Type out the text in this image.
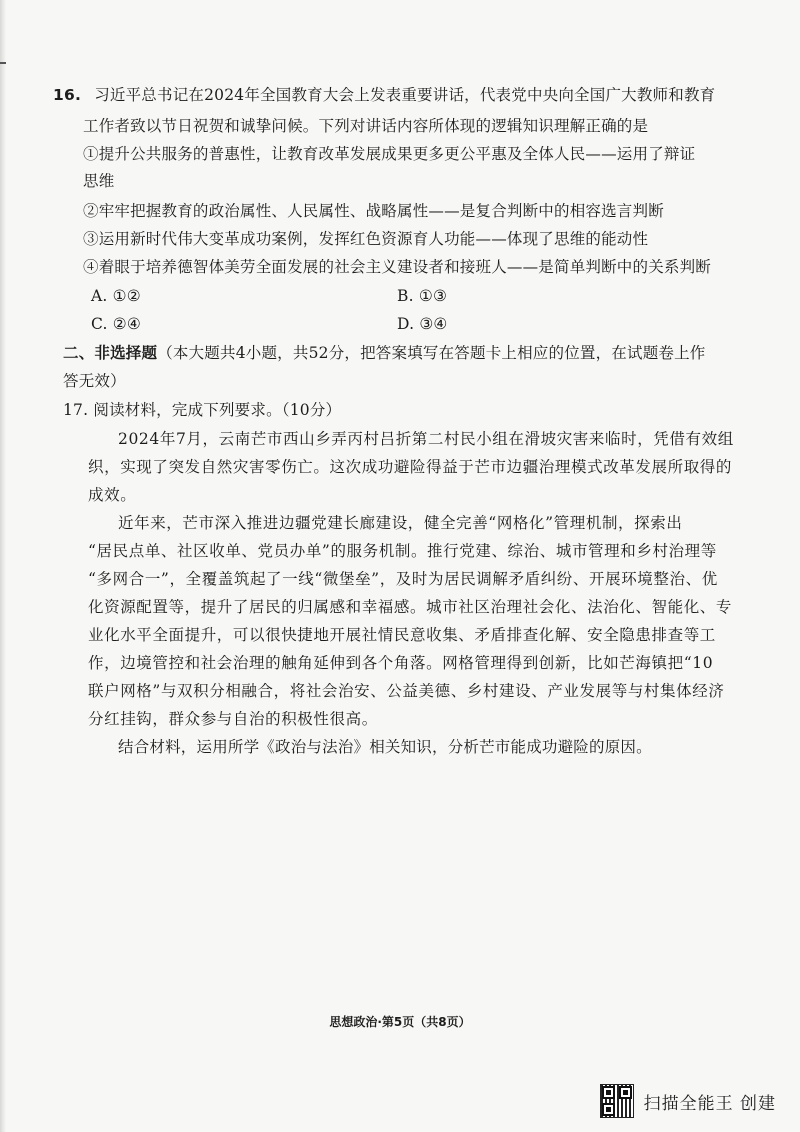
16. 习近平总书记在2024年全国教育大会上发表重要讲话，代表党中央向全国广大教师和教育
工作者致以节日祝贺和诚挚问候。下列对讲话内容所体现的逻辑知识理解正确的是
①提升公共服务的普惠性，让教育改革发展成果更多更公平惠及全体人民——运用了辩证
思维
②牢牢把握教育的政治属性、人民属性、战略属性——是复合判断中的相容选言判断
③运用新时代伟大变革成功案例，发挥红色资源育人功能——体现了思维的能动性
④着眼于培养德智体美劳全面发展的社会主义建设者和接班人——是简单判断中的关系判断
A. ①②	B. ①③
C. ②④	D. ③④
二、非选择题（本大题共4小题，共52分，把答案填写在答题卡上相应的位置，在试题卷上作
答无效）
17. 阅读材料，完成下列要求。（10分）
2024年7月，云南芒市西山乡弄丙村吕折第二村民小组在滑坡灾害来临时，凭借有效组
织，实现了突发自然灾害零伤亡。这次成功避险得益于芒市边疆治理模式改革发展所取得的
成效。
近年来，芒市深入推进边疆党建长廊建设，健全完善“网格化”管理机制，探索出
“居民点单、社区收单、党员办单”的服务机制。推行党建、综治、城市管理和乡村治理等
“多网合一”，全覆盖筑起了一线“微堡垒”，及时为居民调解矛盾纠纷、开展环境整治、优
化资源配置等，提升了居民的归属感和幸福感。城市社区治理社会化、法治化、智能化、专
业化水平全面提升，可以很快捷地开展社情民意收集、矛盾排查化解、安全隐患排查等工
作，边境管控和社会治理的触角延伸到各个角落。网格管理得到创新，比如芒海镇把“10
联户网格”与双积分相融合，将社会治安、公益美德、乡村建设、产业发展等与村集体经济
分红挂钩，群众参与自治的积极性很高。
结合材料，运用所学《政治与法治》相关知识，分析芒市能成功避险的原因。
思想政治·第5页（共8页）
扫描全能王 创建
